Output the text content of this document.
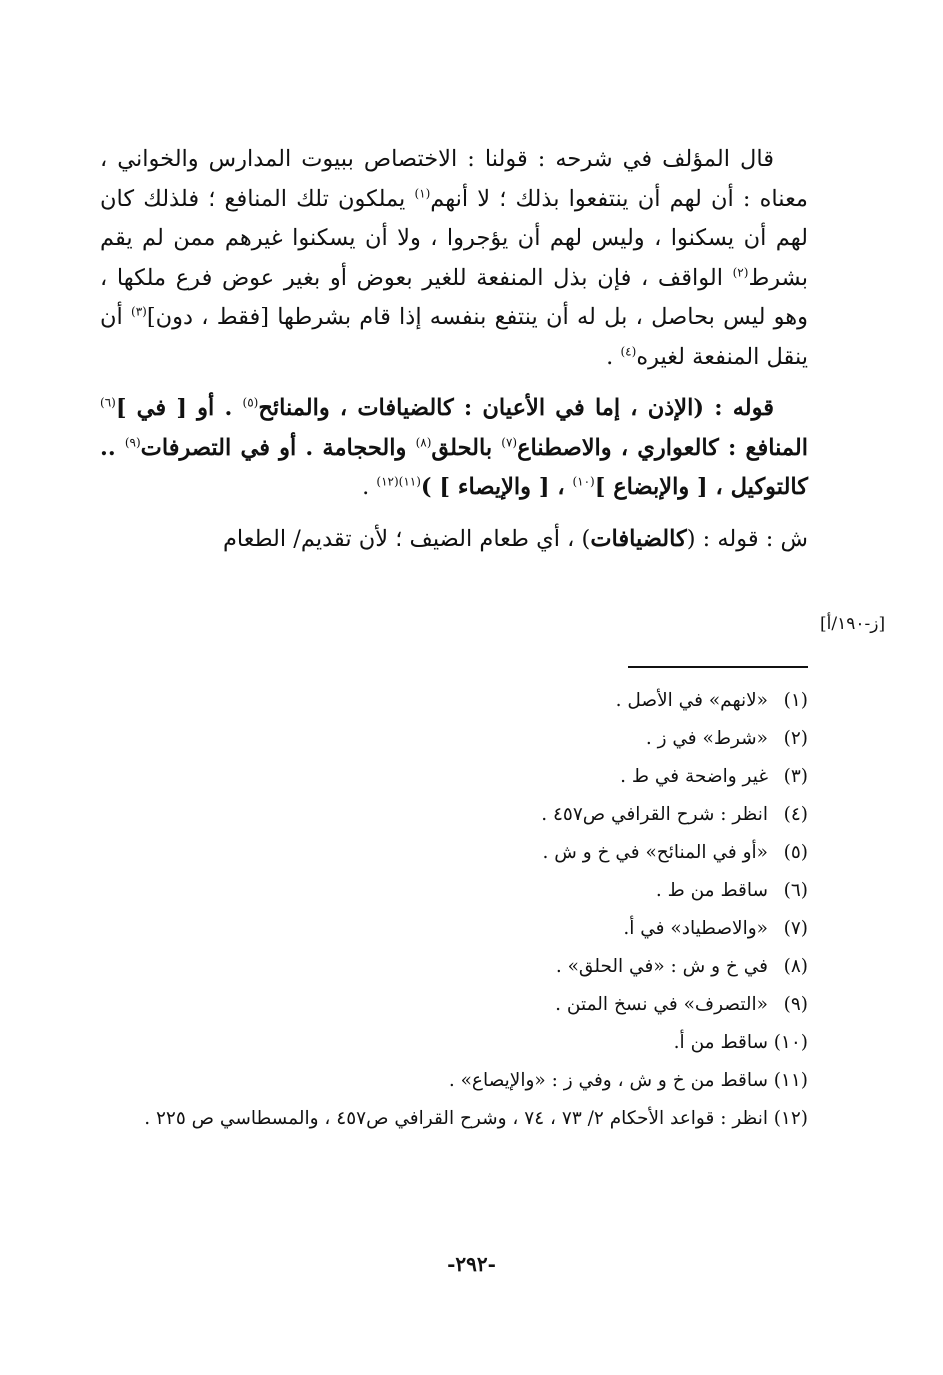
قال المؤلف في شرحه : قولنا : الاختصاص ببيوت المدارس والخواني ، معناه : أن لهم أن ينتفعوا بذلك ؛ لا أنهم$^{(١)}$ يملكون تلك المنافع ؛ فلذلك كان لهم أن يسكنوا ، وليس لهم أن يؤجروا ، ولا أن يسكنوا غيرهم ممن لم يقم بشرط$^{(٢)}$ الواقف ، فإن بذل المنفعة للغير بعوض أو بغير عوض فرع ملكها ، وهو ليس بحاصل ، بل له أن ينتفع بنفسه إذا قام بشرطها [فقط ، دون]$^{(٣)}$ أن ينقل المنفعة لغيره$^{(٤)}$ .

قوله : (الإذن ، إما في الأعيان : كالضيافات ، والمنائح$^{(٥)}$ . أو [ في ]$^{(٦)}$ المنافع : كالعواري ، والاصطناع$^{(٧)}$ بالحلق$^{(٨)}$ والحجامة . أو في التصرفات$^{(٩)}$ .. كالتوكيل ، [ والإبضاع ]$^{(١٠)}$ ، [ والإيصاء ] )$^{(١١)(١٢)}$ .

ش : قوله : (كالضيافات) ، أي طعام الضيف ؛ لأن تقديم/ الطعام

[ز-١٩٠/أ]
(١)
«لانهم» في الأصل .
(٢)
«شرط» في ز .
(٣)
غير واضحة في ط .
(٤)
انظر : شرح القرافي ص٤٥٧ .
(٥)
«أو في المنائح» في خ و ش .
(٦)
ساقط من ط .
(٧)
«والاصطياد» في أ.
(٨)
في خ و ش : «في الحلق» .
(٩)
«التصرف» في نسخ المتن .
(١٠)
ساقط من أ.
(١١)
ساقط من خ و ش ، وفي ز : «والإيصاع» .
(١٢)
انظر : قواعد الأحكام ٢/ ٧٣ ، ٧٤ ، وشرح القرافي ص٤٥٧ ، والمسطاسي ص ٢٢٥ .
-٢٩٢-
